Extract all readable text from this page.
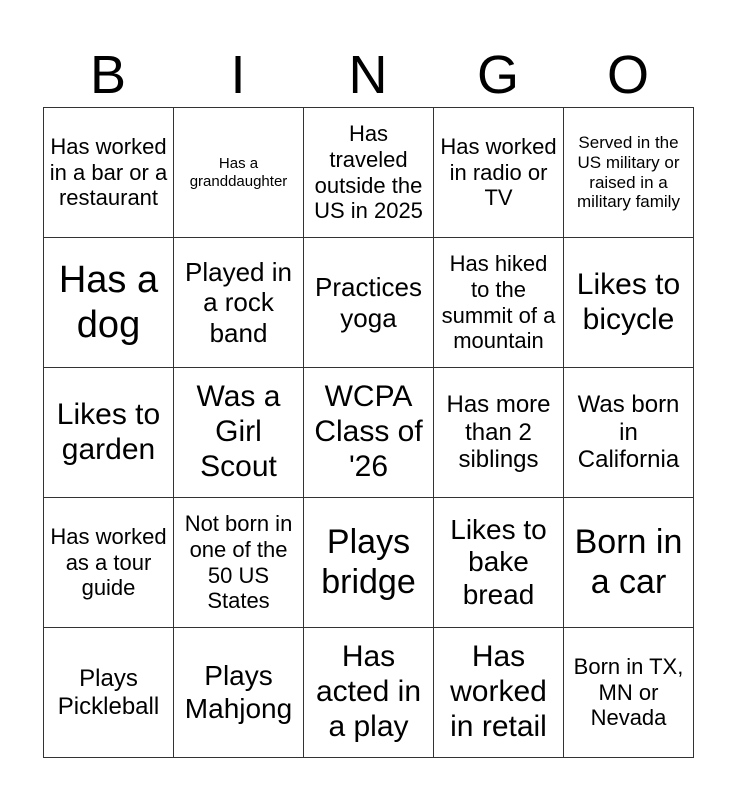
B	I	N	G	O
Has worked in a bar or a restaurant	Has a granddaughter	Has traveled outside the US in 2025	Has worked in radio or TV	Served in the US military or raised in a military family
Has a dog	Played in a rock band	Practices yoga	Has hiked to the summit of a mountain	Likes to bicycle
Likes to garden	Was a Girl Scout	WCPA Class of '26	Has more than 2 siblings	Was born in California
Has worked as a tour guide	Not born in one of the 50 US States	Plays bridge	Likes to bake bread	Born in a car
Plays Pickleball	Plays Mahjong	Has acted in a play	Has worked in retail	Born in TX, MN or Nevada
